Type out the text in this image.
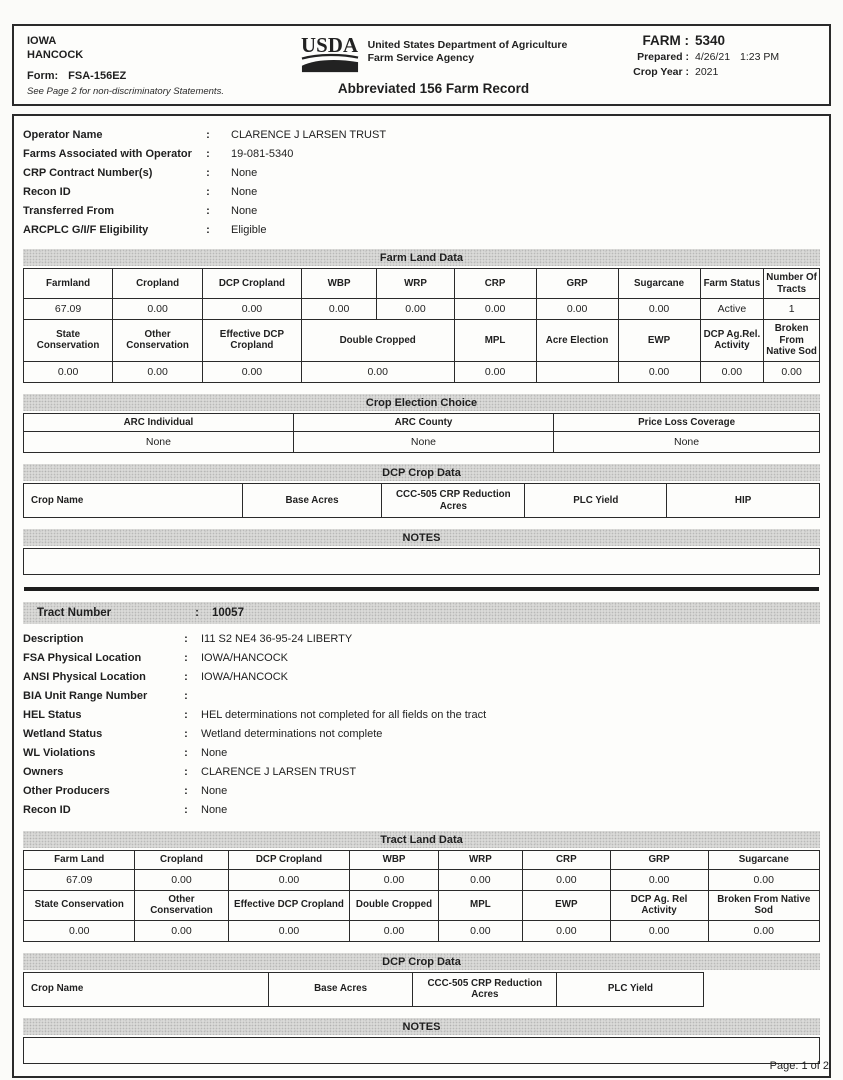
IOWA
HANCOCK
Form: FSA-156EZ
See Page 2 for non-discriminatory Statements.
USDA United States Department of Agriculture
Farm Service Agency
Abbreviated 156 Farm Record
FARM : 5340
Prepared : 4/26/21 1:23 PM
Crop Year : 2021
Operator Name	: CLARENCE J LARSEN TRUST
Farms Associated with Operator	: 19-081-5340
CRP Contract Number(s)	: None
Recon ID	: None
Transferred From	: None
ARCPLC G/I/F Eligibility	: Eligible
Farm Land Data
Farmland	Cropland	DCP Cropland	WBP	WRP	CRP	GRP	Sugarcane	Farm Status	Number Of Tracts
67.09	0.00	0.00	0.00	0.00	0.00	0.00	0.00	Active	1
State Conservation	Other Conservation	Effective DCP Cropland	Double Cropped		MPL	Acre Election	EWP	DCP Ag.Rel. Activity	Broken From Native Sod
0.00	0.00	0.00	0.00		0.00		0.00	0.00	0.00
Crop Election Choice
ARC Individual	ARC County	Price Loss Coverage
None	None	None
DCP Crop Data
Crop Name	Base Acres	CCC-505 CRP Reduction Acres	PLC Yield	HIP
NOTES
Tract Number	: 10057
Description	: I11 S2 NE4 36-95-24 LIBERTY
FSA Physical Location	: IOWA/HANCOCK
ANSI Physical Location	: IOWA/HANCOCK
BIA Unit Range Number	:
HEL Status	: HEL determinations not completed for all fields on the tract
Wetland Status	: Wetland determinations not complete
WL Violations	: None
Owners	: CLARENCE J LARSEN TRUST
Other Producers	: None
Recon ID	: None
Tract Land Data
Farm Land	Cropland	DCP Cropland	WBP	WRP	CRP	GRP	Sugarcane
67.09	0.00	0.00	0.00	0.00	0.00	0.00	0.00
State Conservation	Other Conservation	Effective DCP Cropland	Double Cropped	MPL	EWP	DCP Ag. Rel Activity	Broken From Native Sod
0.00	0.00	0.00	0.00	0.00	0.00	0.00	0.00
DCP Crop Data
Crop Name	Base Acres	CCC-505 CRP Reduction Acres	PLC Yield
NOTES
Page: 1 of 2
